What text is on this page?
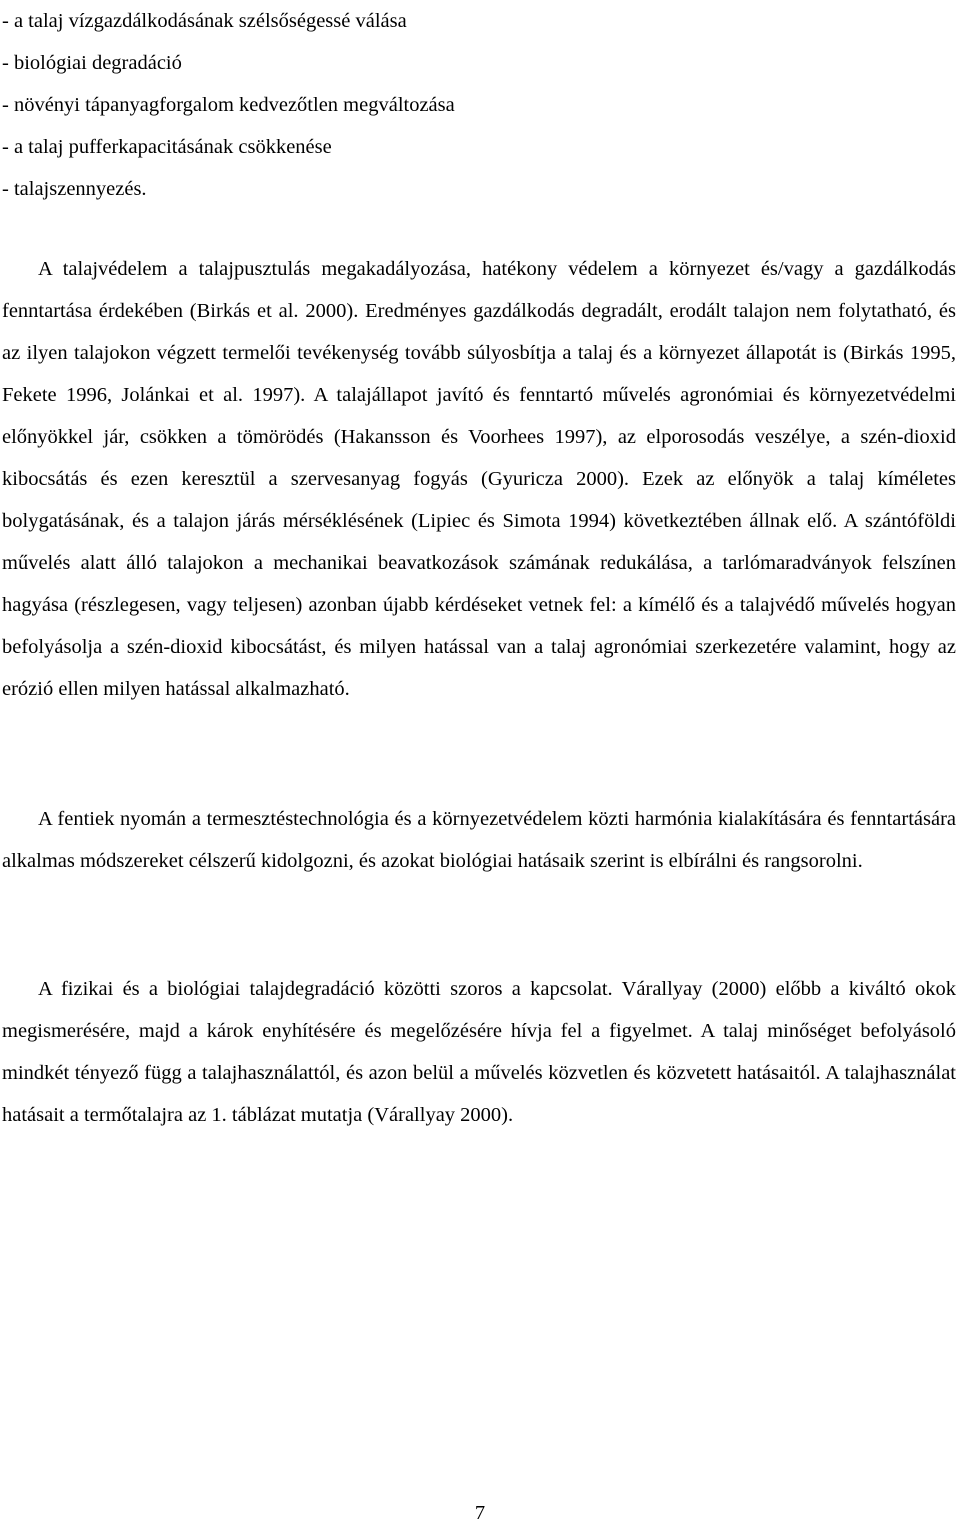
- a talaj vízgazdálkodásának szélsőségessé válása
- biológiai degradáció
- növényi tápanyagforgalom kedvezőtlen megváltozása
- a talaj pufferkapacitásának csökkenése
- talajszennyezés.

A talajvédelem a talajpusztulás megakadályozása, hatékony védelem a környezet és/vagy a gazdálkodás fenntartása érdekében (Birkás et al. 2000). Eredményes gazdálkodás degradált, erodált talajon nem folytatható, és az ilyen talajokon végzett termelői tevékenység tovább súlyosbítja a talaj és a környezet állapotát is (Birkás 1995, Fekete 1996, Jolánkai et al. 1997). A talajállapot javító és fenntartó művelés agronómiai és környezetvédelmi előnyökkel jár, csökken a tömörödés (Hakansson és Voorhees 1997), az elporosodás veszélye, a szén-dioxid kibocsátás és ezen keresztül a szervesanyag fogyás (Gyuricza 2000). Ezek az előnyök a talaj kíméletes bolygatásának, és a talajon járás mérséklésének (Lipiec és Simota 1994) következtében állnak elő. A szántóföldi művelés alatt álló talajokon a mechanikai beavatkozások számának redukálása, a tarlómaradványok felszínen hagyása (részlegesen, vagy teljesen) azonban újabb kérdéseket vetnek fel: a kímélő és a talajvédő művelés hogyan befolyásolja a szén-dioxid kibocsátást, és milyen hatással van a talaj agronómiai szerkezetére valamint, hogy az erózió ellen milyen hatással alkalmazható.

A fentiek nyomán a termesztéstechnológia és a környezetvédelem közti harmónia kialakítására és fenntartására alkalmas módszereket célszerű kidolgozni, és azokat biológiai hatásaik szerint is elbírálni és rangsorolni.

A fizikai és a biológiai talajdegradáció közötti szoros a kapcsolat. Várallyay (2000) előbb a kiváltó okok megismerésére, majd a károk enyhítésére és megelőzésére hívja fel a figyelmet. A talaj minőséget befolyásoló mindkét tényező függ a talajhasználattól, és azon belül a művelés közvetlen és közvetett hatásaitól. A talajhasználat hatásait a termőtalajra az 1. táblázat mutatja (Várallyay 2000).

7
